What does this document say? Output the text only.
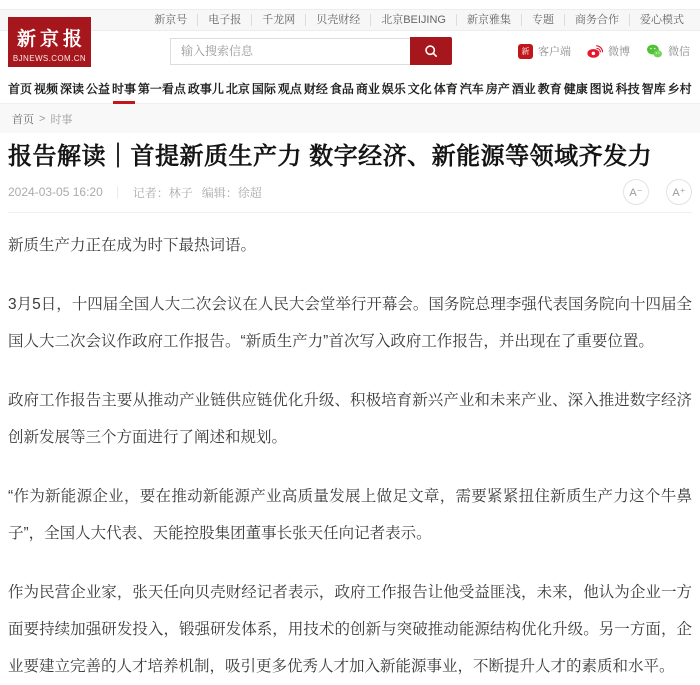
新京报
BJNEWS.COM.CN
新京号	电子报	千龙网	贝壳财经	北京BEIJING	新京雅集	专题	商务合作	爱心模式
输入搜索信息
新 客户端	微博	微信
首页 视频 深读 公益 时事 第一看点 政事儿 北京 国际 观点 财经 食品 商业 娱乐 文化 体育 汽车 房产 酒业 教育 健康 图说 科技 智库 乡村
首页 > 时事
报告解读｜首提新质生产力 数字经济、新能源等领域齐发力
2024-03-05 16:20 ｜ 记者：林子 编辑：徐超	A⁻	A⁺

新质生产力正在成为时下最热词语。

3月5日，十四届全国人大二次会议在人民大会堂举行开幕会。国务院总理李强代表国务院向十四届全国人大二次会议作政府工作报告。“新质生产力”首次写入政府工作报告，并出现在了重要位置。

政府工作报告主要从推动产业链供应链优化升级、积极培育新兴产业和未来产业、深入推进数字经济创新发展等三个方面进行了阐述和规划。

“作为新能源企业，要在推动新能源产业高质量发展上做足文章，需要紧紧扭住新质生产力这个牛鼻子”，全国人大代表、天能控股集团董事长张天任向记者表示。

作为民营企业家，张天任向贝壳财经记者表示，政府工作报告让他受益匪浅，未来，他认为企业一方面要持续加强研发投入，锻强研发体系，用技术的创新与突破推动能源结构优化升级。另一方面，企业要建立完善的人才培养机制，吸引更多优秀人才加入新能源事业，不断提升人才的素质和水平。
